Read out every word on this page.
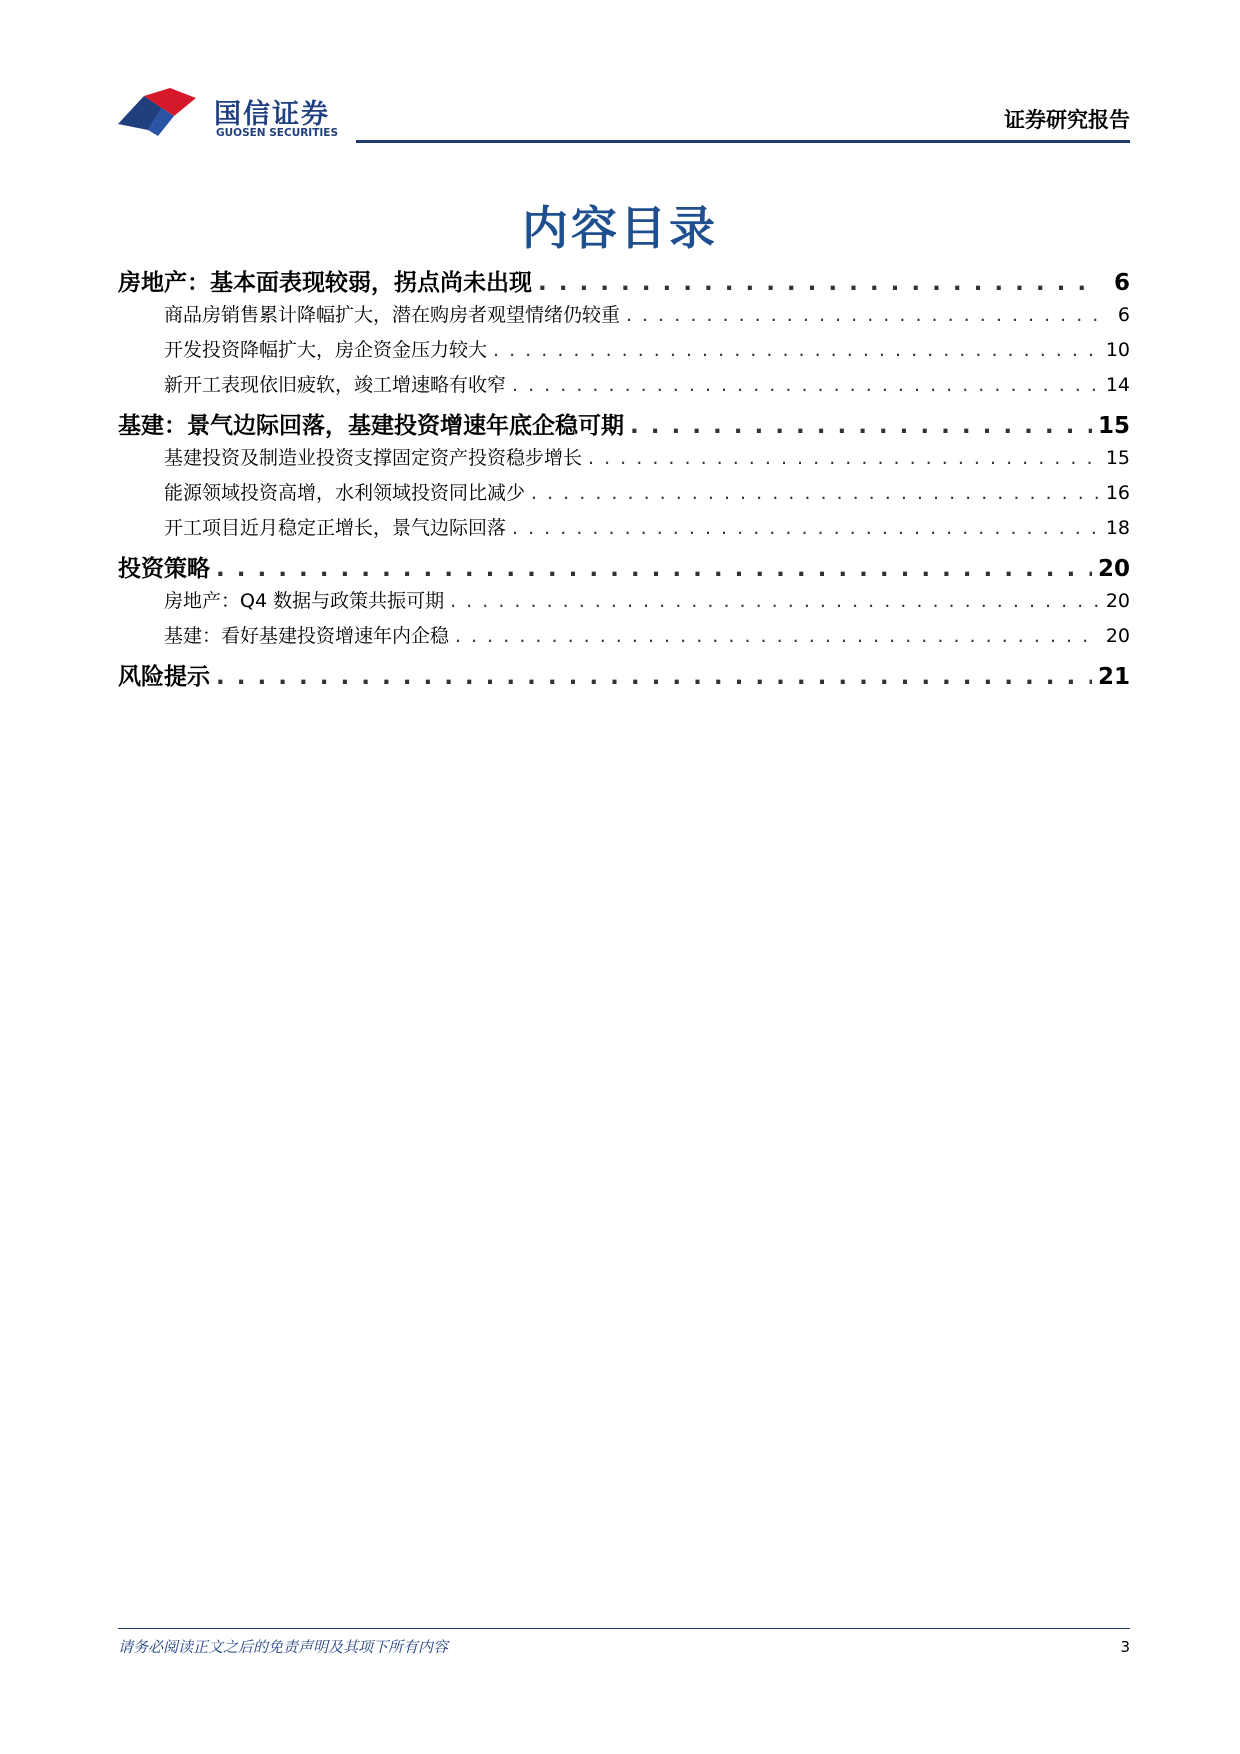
国信证券
GUOSEN SECURITIES
证券研究报告
内容目录
房地产：基本面表现较弱，拐点尚未出现 . . .	6
商品房销售累计降幅扩大，潜在购房者观望情绪仍较重 . . .	6
开发投资降幅扩大，房企资金压力较大 . . .	10
新开工表现依旧疲软，竣工增速略有收窄 . . .	14
基建：景气边际回落，基建投资增速年底企稳可期 . . .	15
基建投资及制造业投资支撑固定资产投资稳步增长 . . .	15
能源领域投资高增，水利领域投资同比减少 . . .	16
开工项目近月稳定正增长，景气边际回落 . . .	18
投资策略 . . .	20
房地产：Q4 数据与政策共振可期 . . .	20
基建：看好基建投资增速年内企稳 . . .	20
风险提示 . . .	21
请务必阅读正文之后的免责声明及其项下所有内容	3
